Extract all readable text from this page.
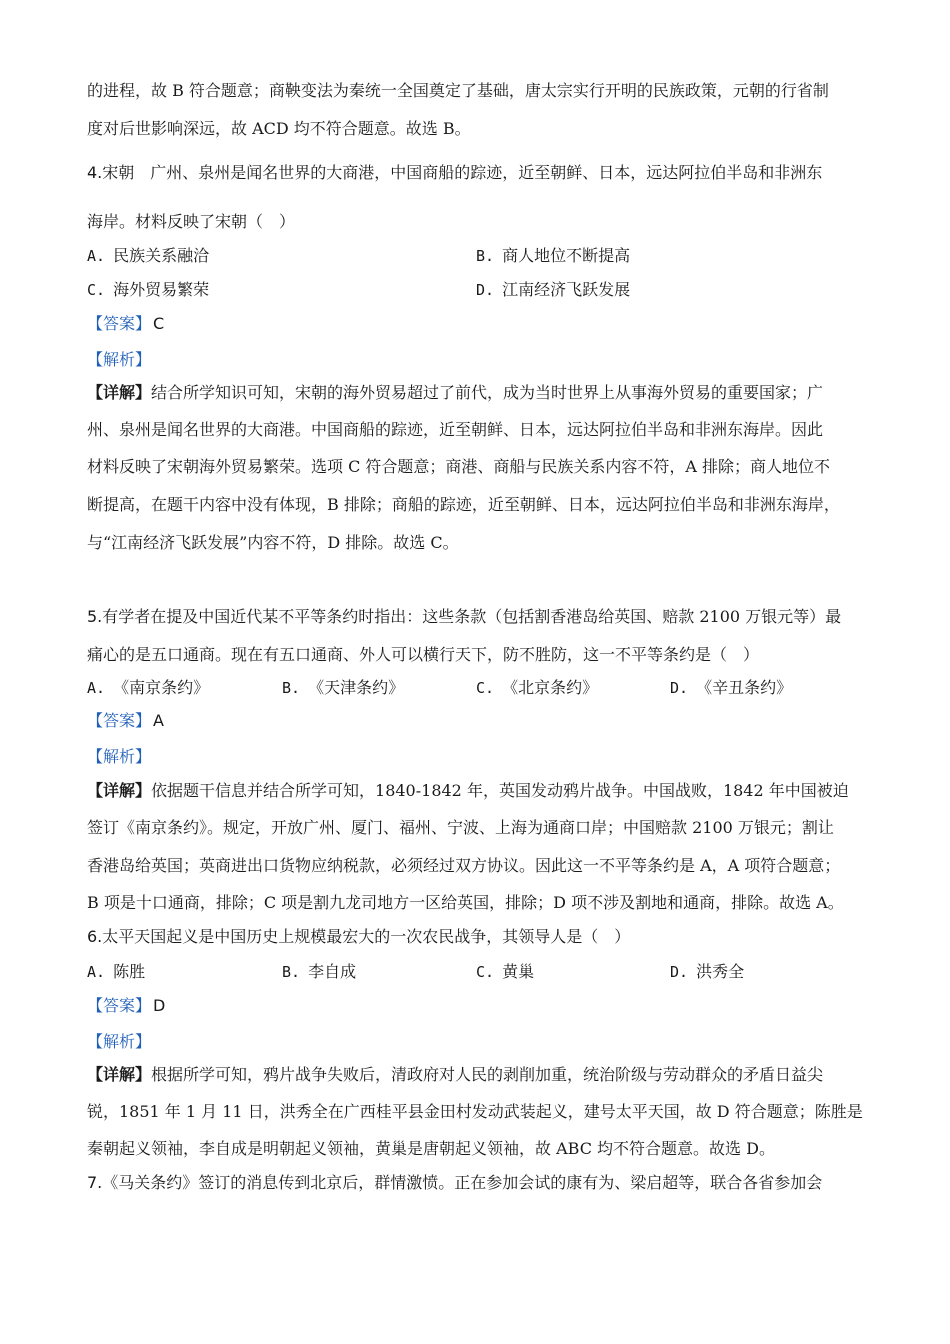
的进程，故 B 符合题意；商鞅变法为秦统一全国奠定了基础，唐太宗实行开明的民族政策，元朝的行省制
度对后世影响深远，故 ACD 均不符合题意。故选 B。
4.宋朝　广州、泉州是闻名世界的大商港，中国商船的踪迹，近至朝鲜、日本，远达阿拉伯半岛和非洲东
海岸。材料反映了宋朝（　）
A. 民族关系融洽	B. 商人地位不断提高
C. 海外贸易繁荣	D. 江南经济飞跃发展
【答案】 C
【解析】
【详解】结合所学知识可知，宋朝的海外贸易超过了前代，成为当时世界上从事海外贸易的重要国家；广
州、泉州是闻名世界的大商港。中国商船的踪迹，近至朝鲜、日本，远达阿拉伯半岛和非洲东海岸。因此
材料反映了宋朝海外贸易繁荣。选项 C 符合题意；商港、商船与民族关系内容不符，A 排除；商人地位不
断提高，在题干内容中没有体现，B 排除；商船的踪迹，近至朝鲜、日本，远达阿拉伯半岛和非洲东海岸，
与“江南经济飞跃发展”内容不符，D 排除。故选 C。
5.有学者在提及中国近代某不平等条约时指出：这些条款（包括割香港岛给英国、赔款 2100 万银元等）最
痛心的是五口通商。现在有五口通商、外人可以横行天下，防不胜防，这一不平等条约是（　）
A. 《南京条约》	B. 《天津条约》	C. 《北京条约》	D. 《辛丑条约》
【答案】 A
【解析】
【详解】依据题干信息并结合所学可知，1840-1842 年，英国发动鸦片战争。中国战败，1842 年中国被迫
签订《南京条约》。规定，开放广州、厦门、福州、宁波、上海为通商口岸；中国赔款 2100 万银元；割让
香港岛给英国；英商进出口货物应纳税款，必须经过双方协议。因此这一不平等条约是 A，A 项符合题意；
B 项是十口通商，排除；C 项是割九龙司地方一区给英国，排除；D 项不涉及割地和通商，排除。故选 A。
6.太平天国起义是中国历史上规模最宏大的一次农民战争，其领导人是（　）
A. 陈胜	B. 李自成	C. 黄巢	D. 洪秀全
【答案】 D
【解析】
【详解】根据所学可知，鸦片战争失败后，清政府对人民的剥削加重，统治阶级与劳动群众的矛盾日益尖
锐，1851 年 1 月 11 日，洪秀全在广西桂平县金田村发动武装起义，建号太平天国，故 D 符合题意；陈胜是
秦朝起义领袖，李自成是明朝起义领袖，黄巢是唐朝起义领袖，故 ABC 均不符合题意。故选 D。
7.《马关条约》签订的消息传到北京后，群情激愤。正在参加会试的康有为、梁启超等，联合各省参加会
